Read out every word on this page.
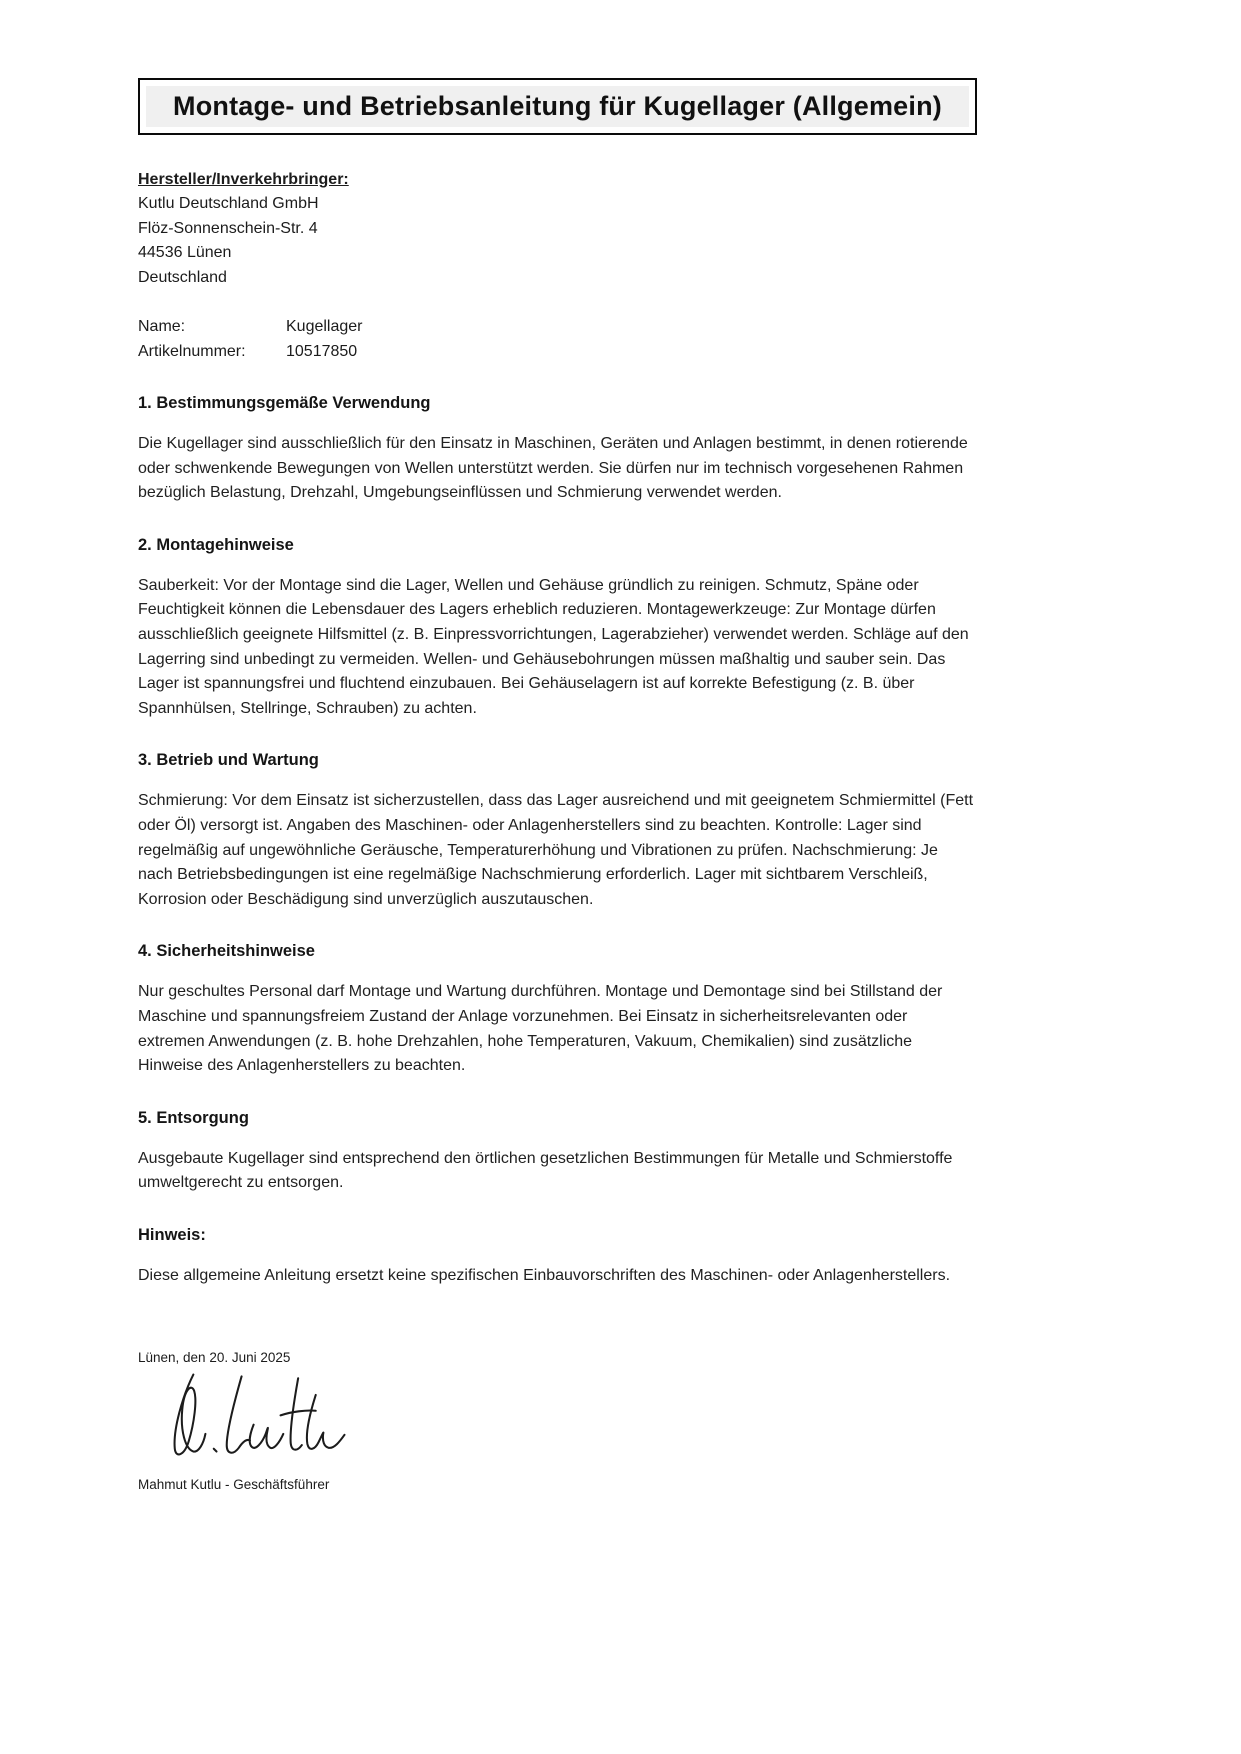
Montage- und Betriebsanleitung für Kugellager (Allgemein)
Hersteller/Inverkehrbringer:
Kutlu Deutschland GmbH
Flöz-Sonnenschein-Str. 4
44536 Lünen
Deutschland
Name:	Kugellager
Artikelnummer:	10517850
1. Bestimmungsgemäße Verwendung

Die Kugellager sind ausschließlich für den Einsatz in Maschinen, Geräten und Anlagen bestimmt, in denen rotierende oder schwenkende Bewegungen von Wellen unterstützt werden. Sie dürfen nur im technisch vorgesehenen Rahmen bezüglich Belastung, Drehzahl, Umgebungseinflüssen und Schmierung verwendet werden.

2. Montagehinweise

Sauberkeit: Vor der Montage sind die Lager, Wellen und Gehäuse gründlich zu reinigen. Schmutz, Späne oder Feuchtigkeit können die Lebensdauer des Lagers erheblich reduzieren. Montagewerkzeuge: Zur Montage dürfen ausschließlich geeignete Hilfsmittel (z. B. Einpressvorrichtungen, Lagerabzieher) verwendet werden. Schläge auf den Lagerring sind unbedingt zu vermeiden. Wellen- und Gehäusebohrungen müssen maßhaltig und sauber sein. Das Lager ist spannungsfrei und fluchtend einzubauen. Bei Gehäuselagern ist auf korrekte Befestigung (z. B. über Spannhülsen, Stellringe, Schrauben) zu achten.

3. Betrieb und Wartung

Schmierung: Vor dem Einsatz ist sicherzustellen, dass das Lager ausreichend und mit geeignetem Schmiermittel (Fett oder Öl) versorgt ist. Angaben des Maschinen- oder Anlagenherstellers sind zu beachten. Kontrolle: Lager sind regelmäßig auf ungewöhnliche Geräusche, Temperaturerhöhung und Vibrationen zu prüfen. Nachschmierung: Je nach Betriebsbedingungen ist eine regelmäßige Nachschmierung erforderlich. Lager mit sichtbarem Verschleiß, Korrosion oder Beschädigung sind unverzüglich auszutauschen.

4. Sicherheitshinweise

Nur geschultes Personal darf Montage und Wartung durchführen. Montage und Demontage sind bei Stillstand der Maschine und spannungsfreiem Zustand der Anlage vorzunehmen. Bei Einsatz in sicherheitsrelevanten oder extremen Anwendungen (z. B. hohe Drehzahlen, hohe Temperaturen, Vakuum, Chemikalien) sind zusätzliche Hinweise des Anlagenherstellers zu beachten.

5. Entsorgung

Ausgebaute Kugellager sind entsprechend den örtlichen gesetzlichen Bestimmungen für Metalle und Schmierstoffe umweltgerecht zu entsorgen.

Hinweis:

Diese allgemeine Anleitung ersetzt keine spezifischen Einbauvorschriften des Maschinen- oder Anlagenherstellers.

Lünen, den 20. Juni 2025
Mahmut Kutlu - Geschäftsführer
